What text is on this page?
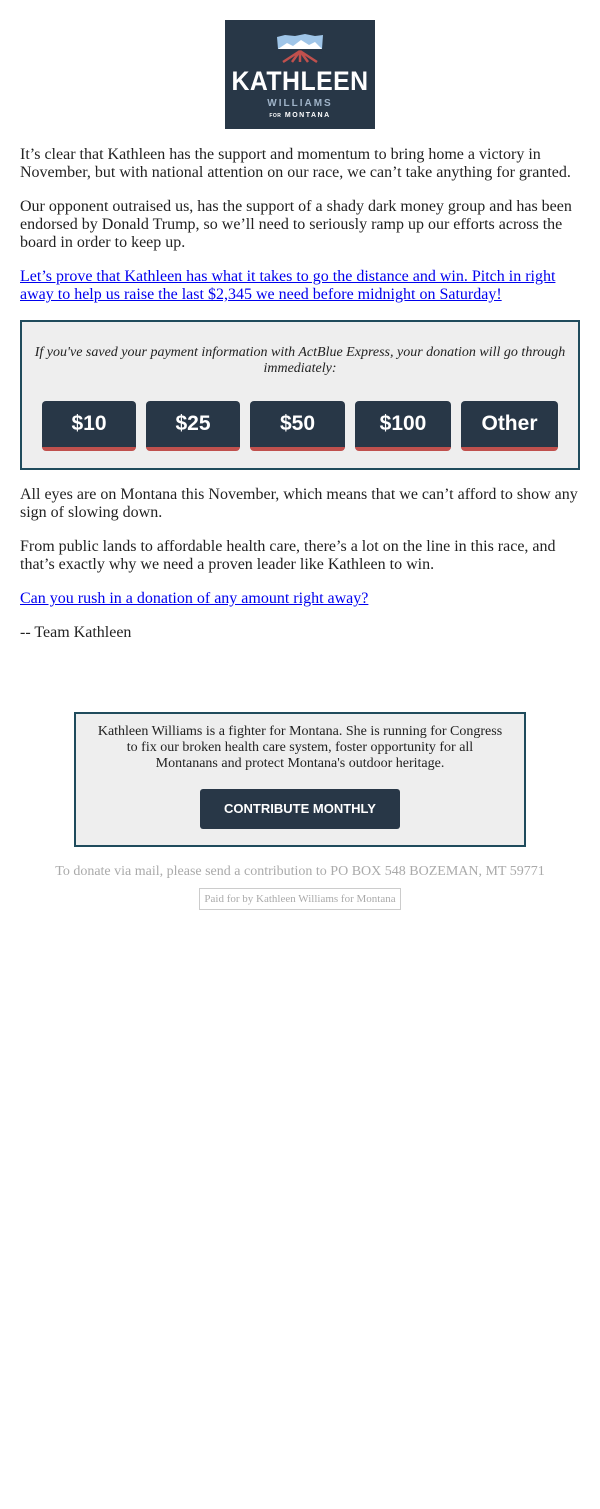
KATHLEEN
WILLIAMS
FOR MONTANA

It’s clear that Kathleen has the support and momentum to bring home a victory in November, but with national attention on our race, we can’t take anything for granted.

Our opponent outraised us, has the support of a shady dark money group and has been endorsed by Donald Trump, so we’ll need to seriously ramp up our efforts across the board in order to keep up.

Let’s prove that Kathleen has what it takes to go the distance and win. Pitch in right away to help us raise the last $2,345 we need before midnight on Saturday!

If you've saved your payment information with ActBlue Express, your donation will go through immediately:
$10	$25	$50	$100	Other

All eyes are on Montana this November, which means that we can’t afford to show any sign of slowing down.

From public lands to affordable health care, there’s a lot on the line in this race, and that’s exactly why we need a proven leader like Kathleen to win.

Can you rush in a donation of any amount right away?

-- Team Kathleen

Kathleen Williams is a fighter for Montana. She is running for Congress to fix our broken health care system, foster opportunity for all Montanans and protect Montana's outdoor heritage.
CONTRIBUTE MONTHLY
To donate via mail, please send a contribution to PO BOX 548 BOZEMAN, MT 59771
Paid for by Kathleen Williams for Montana
